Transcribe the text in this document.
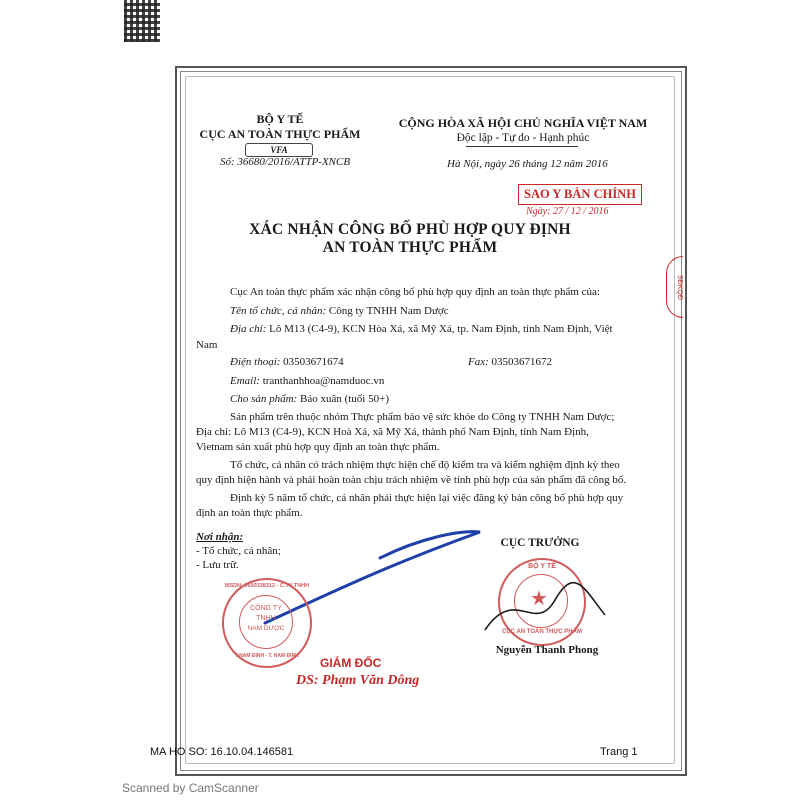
BỘ Y TẾ
CỤC AN TOÀN THỰC PHẨM
VFA
Số: 36680/2016/ATTP-XNCB
CỘNG HÒA XÃ HỘI CHỦ NGHĨA VIỆT NAM
Độc lập - Tự do - Hạnh phúc
Hà Nội, ngày 26 tháng 12 năm 2016
SAO Y BẢN CHÍNH
Ngày: 27 / 12 / 2016
XÁC NHẬN CÔNG BỐ PHÙ HỢP QUY ĐỊNH
AN TOÀN THỰC PHẨM
Cục An toàn thực phẩm xác nhận công bố phù hợp quy định an toàn thực phẩm của:
Tên tổ chức, cá nhân: Công ty TNHH Nam Dược
Địa chỉ: Lô M13 (C4-9), KCN Hòa Xá, xã Mỹ Xá, tp. Nam Định, tỉnh Nam Định, Việt
Nam
Điện thoại: 03503671674	Fax: 03503671672
Email: tranthanhhoa@namduoc.vn
Cho sản phẩm: Bảo xuân (tuổi 50+)
Sản phẩm trên thuộc nhóm Thực phẩm bảo vệ sức khỏe do Công ty TNHH Nam Dược;
Địa chỉ: Lô M13 (C4-9), KCN Hoà Xá, xã Mỹ Xá, thành phố Nam Định, tỉnh Nam Định,
Vietnam sản xuất phù hợp quy định an toàn thực phẩm.
Tổ chức, cá nhân có trách nhiệm thực hiện chế độ kiểm tra và kiểm nghiệm định kỳ theo
quy định hiện hành và phải hoàn toàn chịu trách nhiệm về tính phù hợp của sản phẩm đã công bố.
Định kỳ 5 năm tổ chức, cá nhân phải thực hiện lại việc đăng ký bản công bố phù hợp quy
định an toàn thực phẩm.
Nơi nhận:
- Tổ chức, cá nhân;
- Lưu trữ.
CỤC TRƯỞNG
BỘ Y TẾ
★
CỤC AN TOÀN THỰC PHẨM
Nguyễn Thanh Phong
MSDN: 0600338312 - C.TY TNHH
CÔNG TY
TNHH
NAM DƯỢC
T.NAM ĐỊNH - T. NAM ĐỊNH	GIÁM ĐỐC
DS: Phạm Văn Dông
SĐKQĐ
MA HO SO: 16.10.04.146581	Trang 1
Scanned by CamScanner
